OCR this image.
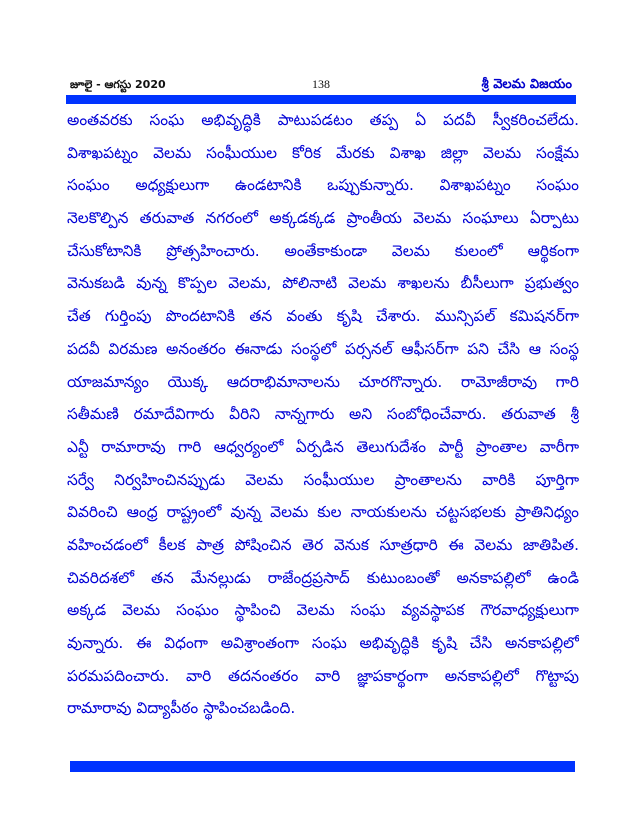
జూలై - ఆగస్టు 2020	138	శ్రీ వెలమ విజయం
అంతవరకు సంఘ అభివృద్ధికి పాటుపడటం తప్ప ఏ పదవీ స్వీకరించలేదు.
విశాఖపట్నం వెలమ సంఘీయుల కోరిక మేరకు విశాఖ జిల్లా వెలమ సంక్షేమ
సంఘం అధ్యక్షులుగా ఉండటానికి ఒప్పుకున్నారు. విశాఖపట్నం సంఘం
నెలకొల్పిన తరువాత నగరంలో అక్కడక్కడ ప్రాంతీయ వెలమ సంఘాలు ఏర్పాటు
చేసుకోటానికి ప్రోత్సహించారు. అంతేకాకుండా వెలమ కులంలో ఆర్థికంగా
వెనుకబడి వున్న కొప్పల వెలమ, పోలినాటి వెలమ శాఖలను బీసీలుగా ప్రభుత్వం
చేత గుర్తింపు పొందటానికి తన వంతు కృషి చేశారు. మున్సిపల్ కమిషనర్‌గా
పదవీ విరమణ అనంతరం ఈనాడు సంస్థలో పర్సనల్ ఆఫీసర్‌గా పని చేసి ఆ సంస్థ
యాజమాన్యం యొక్క ఆదరాభిమానాలను చూరగొన్నారు. రామోజీరావు గారి
సతీమణి రమాదేవిగారు వీరిని నాన్నగారు అని సంబోధించేవారు. తరువాత శ్రీ
ఎన్టీ రామారావు గారి ఆధ్వర్యంలో ఏర్పడిన తెలుగుదేశం పార్టీ ప్రాంతాల వారీగా
సర్వే నిర్వహించినప్పుడు వెలమ సంఘీయుల ప్రాంతాలను వారికి పూర్తిగా
వివరించి ఆంధ్ర రాష్ట్రంలో వున్న వెలమ కుల నాయకులను చట్టసభలకు ప్రాతినిధ్యం
వహించడంలో కీలక పాత్ర పోషించిన తెర వెనుక సూత్రధారి ఈ వెలమ జాతిపిత.
చివరిదశలో తన మేనల్లుడు రాజేంద్రప్రసాద్ కుటుంబంతో అనకాపల్లిలో ఉండి
అక్కడ వెలమ సంఘం స్థాపించి వెలమ సంఘ వ్యవస్థాపక గౌరవాధ్యక్షులుగా
వున్నారు. ఈ విధంగా అవిశ్రాంతంగా సంఘ అభివృద్ధికి కృషి చేసి అనకాపల్లిలో
పరమపదించారు. వారి తదనంతరం వారి జ్ఞాపకార్థంగా అనకాపల్లిలో గొట్టాపు
రామారావు విద్యాపీఠం స్థాపించబడింది.
